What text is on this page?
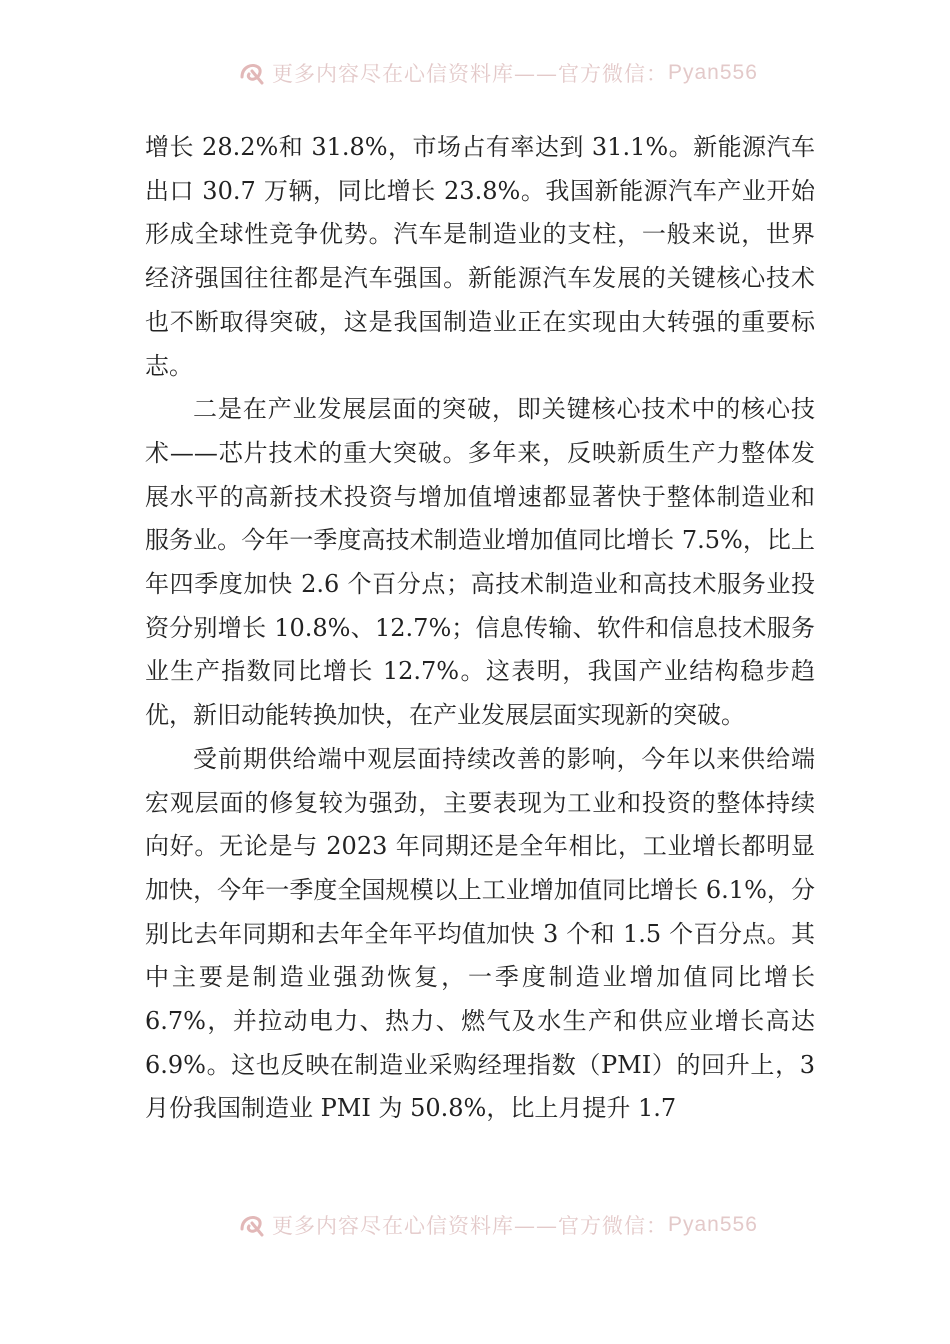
更多内容尽在心信资料库——官方微信： Pyan556

增长 28.2%和 31.8%，市场占有率达到 31.1%。新能源汽车出口 30.7 万辆，同比增长 23.8%。我国新能源汽车产业开始形成全球性竞争优势。汽车是制造业的支柱，一般来说，世界经济强国往往都是汽车强国。新能源汽车发展的关键核心技术也不断取得突破，这是我国制造业正在实现由大转强的重要标志。

二是在产业发展层面的突破，即关键核心技术中的核心技术——芯片技术的重大突破。多年来，反映新质生产力整体发展水平的高新技术投资与增加值增速都显著快于整体制造业和服务业。今年一季度高技术制造业增加值同比增长 7.5%，比上年四季度加快 2.6 个百分点；高技术制造业和高技术服务业投资分别增长 10.8%、12.7%；信息传输、软件和信息技术服务业生产指数同比增长 12.7%。这表明，我国产业结构稳步趋优，新旧动能转换加快，在产业发展层面实现新的突破。

受前期供给端中观层面持续改善的影响，今年以来供给端宏观层面的修复较为强劲，主要表现为工业和投资的整体持续向好。无论是与 2023 年同期还是全年相比，工业增长都明显加快，今年一季度全国规模以上工业增加值同比增长 6.1%，分别比去年同期和去年全年平均值加快 3 个和 1.5 个百分点。其中主要是制造业强劲恢复，一季度制造业增加值同比增长 6.7%，并拉动电力、热力、燃气及水生产和供应业增长高达 6.9%。这也反映在制造业采购经理指数（PMI）的回升上，3 月份我国制造业 PMI 为 50.8%，比上月提升 1.7

更多内容尽在心信资料库——官方微信： Pyan556
